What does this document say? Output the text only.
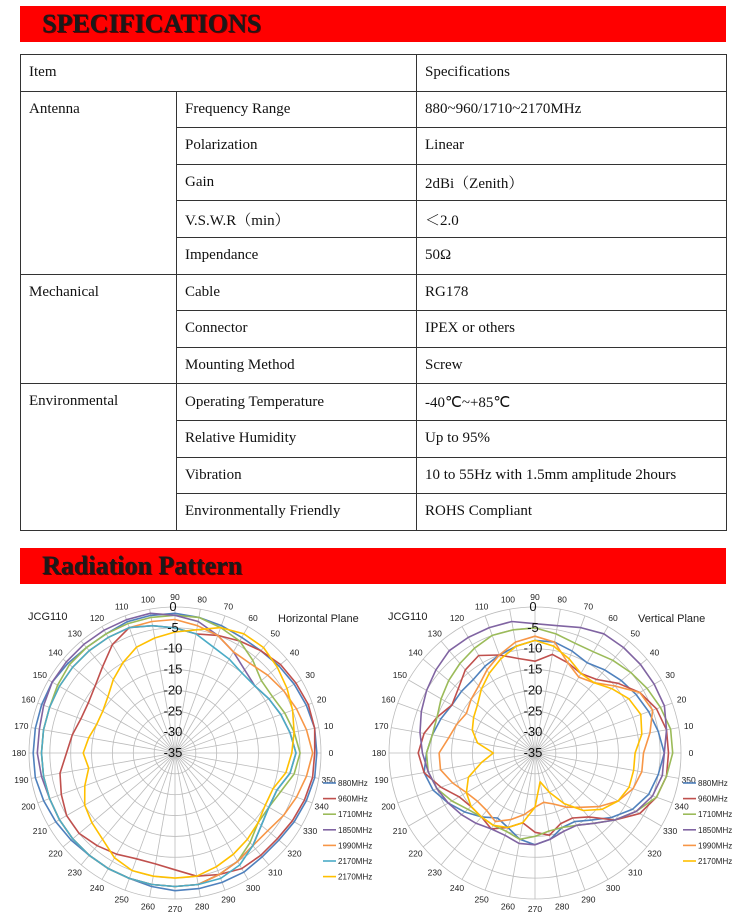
SPECIFICATIONS
Item		Specifications
Antenna	Frequency Range	880~960/1710~2170MHz
	Polarization	Linear
	Gain	2dBi（Zenith）
	V.S.W.R（min）	＜2.0
	Impendance	50Ω
Mechanical	Cable	RG178
	Connector	IPEX or others
	Mounting Method	Screw
Environmental	Operating Temperature	-40℃~+85℃
	Relative Humidity	Up to 95%
	Vibration	10 to 55Hz with 1.5mm amplitude 2hours
	Environmentally Friendly	ROHS Compliant
Radiation Pattern
0
-5
-10
-15
-20
-25
-30
-35	0
10
20
30
40
50
60
70
80
90
100
110
120
130
140
150
160
170
180
190
200
210
220
230
240
250
260 270 280
290
300
310
320
330
340
350
JCG110	Horizontal Plane
880MHz
960MHz
1710MHz
1850MHz
1990MHz
2170MHz
2170MHz
0
-5
-10
-15
-20
-25
-30
-35	0
10
20
30
40
50
60
70
80
90
100
110
120
130
140
150
160
170
180
190
200
210
220
230
240
250
260 270 280
290
300
310
320
330
340
350
JCG110	Vertical Plane
880MHz
960MHz
1710MHz
1850MHz
1990MHz
2170MHz
